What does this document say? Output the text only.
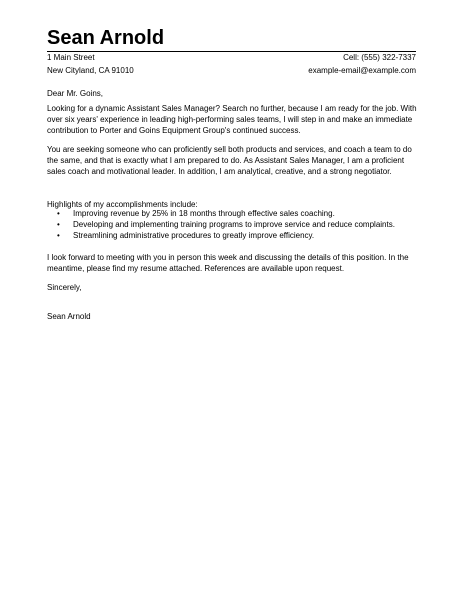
Sean Arnold
1 Main Street	Cell: (555) 322-7337
New Cityland, CA 91010	example-email@example.com

Dear Mr. Goins,

Looking for a dynamic Assistant Sales Manager? Search no further, because I am ready for the job. With over six years' experience in leading high-performing sales teams, I will step in and make an immediate contribution to Porter and Goins Equipment Group's continued success.

You are seeking someone who can proficiently sell both products and services, and coach a team to do the same, and that is exactly what I am prepared to do. As Assistant Sales Manager, I am a proficient sales coach and motivational leader. In addition, I am analytical, creative, and a strong negotiator.

Highlights of my accomplishments include:

• Improving revenue by 25% in 18 months through effective sales coaching.
• Developing and implementing training programs to improve service and reduce complaints.
• Streamlining administrative procedures to greatly improve efficiency.

I look forward to meeting with you in person this week and discussing the details of this position. In the meantime, please find my resume attached. References are available upon request.

Sincerely,

Sean Arnold
